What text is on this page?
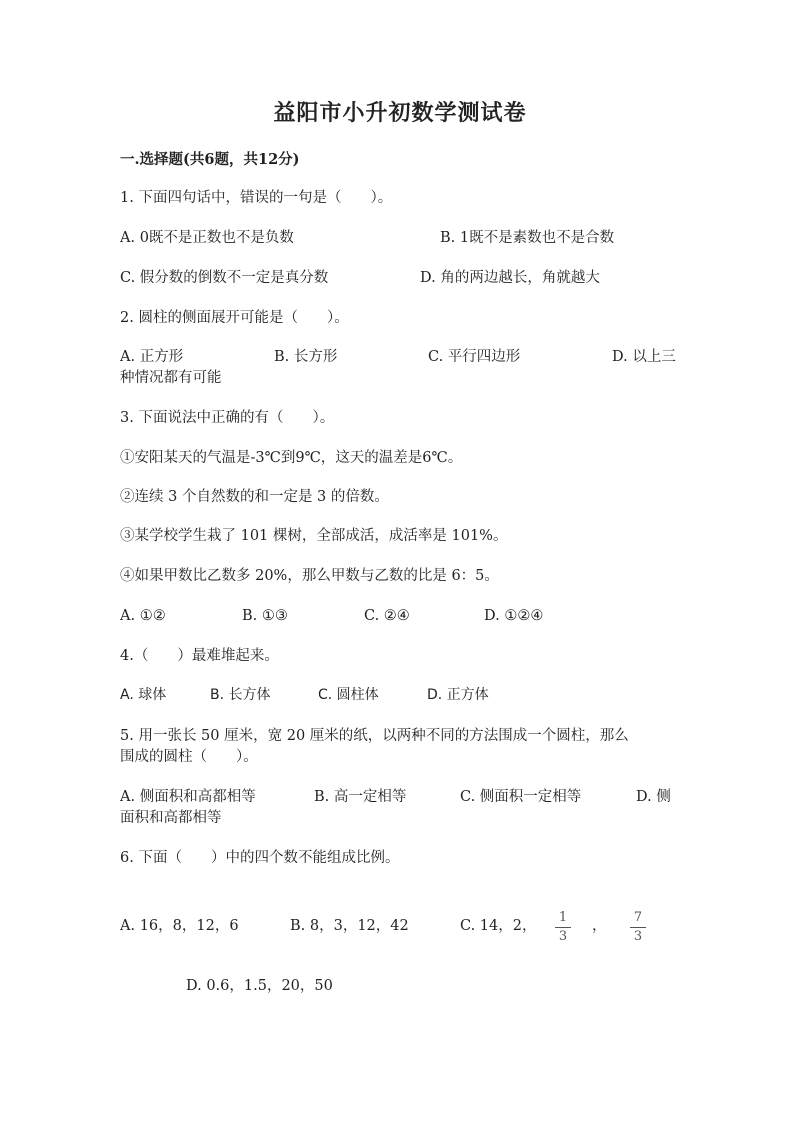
益阳市小升初数学测试卷
一.选择题(共6题，共12分)
1. 下面四句话中，错误的一句是（　　）。
A. 0既不是正数也不是负数	B. 1既不是素数也不是合数
C. 假分数的倒数不一定是真分数	D. 角的两边越长，角就越大
2. 圆柱的侧面展开可能是（　　）。
A. 正方形	B. 长方形	C. 平行四边形	D. 以上三
种情况都有可能
3. 下面说法中正确的有（　　）。
①安阳某天的气温是-3℃到9℃，这天的温差是6℃。
②连续 3 个自然数的和一定是 3 的倍数。
③某学校学生栽了 101 棵树，全部成活，成活率是 101%。
④如果甲数比乙数多 20%，那么甲数与乙数的比是 6：5。
A. ①②	B. ①③	C. ②④	D. ①②④
4.（　　）最难堆起来。
A. 球体	B. 长方体	C. 圆柱体	D. 正方体
5. 用一张长 50 厘米，宽 20 厘米的纸，以两种不同的方法围成一个圆柱，那么
围成的圆柱（　　）。
A. 侧面积和高都相等	B. 高一定相等	C. 侧面积一定相等	D. 侧
面积和高都相等
6. 下面（　　）中的四个数不能组成比例。
A. 16，8，12，6	B. 8，3，12，42	C. 14，2，
1
3
，
7
3
D. 0.6，1.5，20，50
